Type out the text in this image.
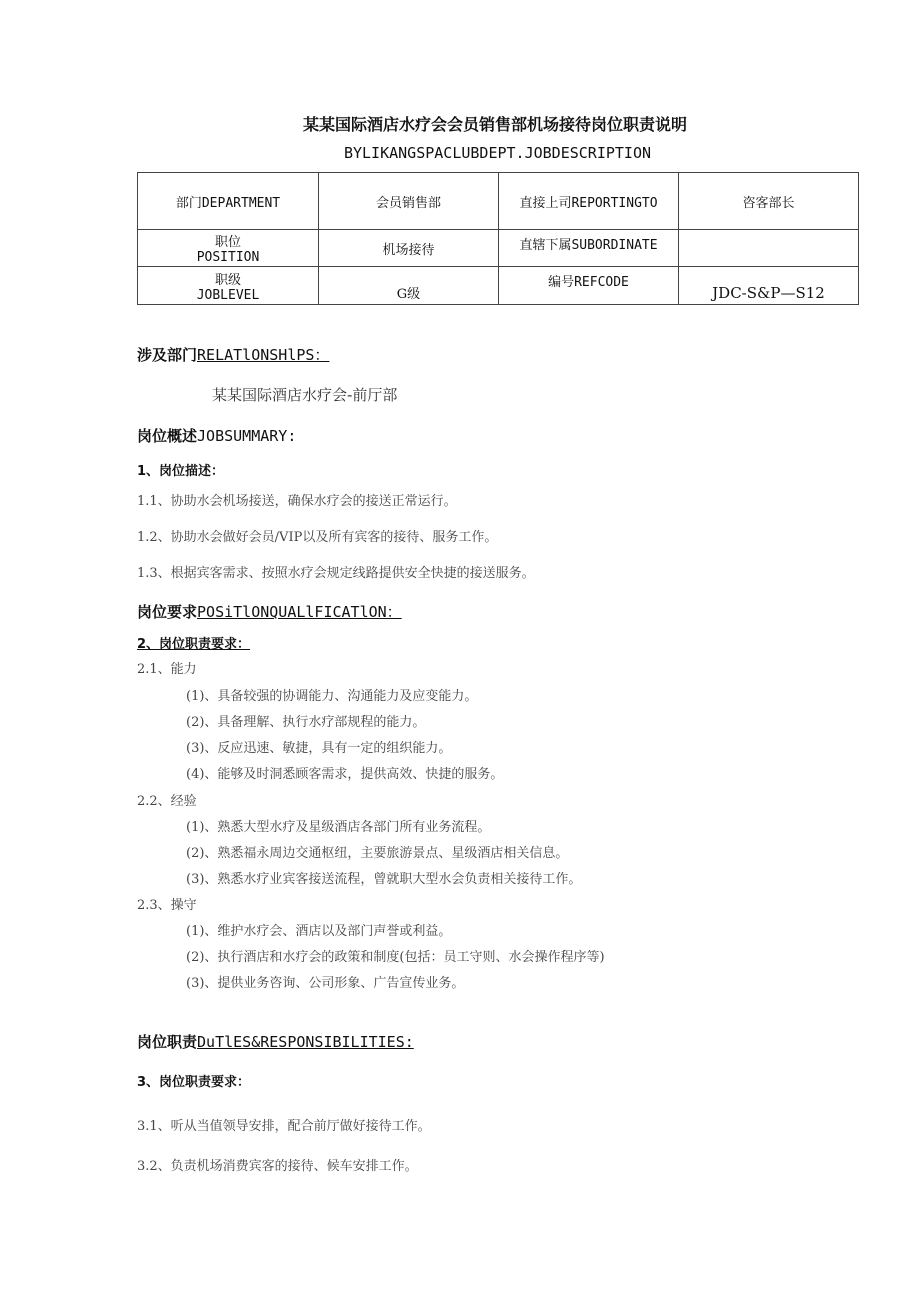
某某国际酒店水疗会会员销售部机场接待岗位职责说明
BYLIKANGSPACLUBDEPT.JOBDESCRIPTION
部门DEPARTMENT	会员销售部	直接上司REPORTINGTO	咨客部长

职位
POSITION	机场接待	直辖下属SUBORDINATE	

职级
JOBLEVEL	G级	编号REFCODE	JDC-S&P—S12
涉及部门RELATlONSHlPS：
某某国际酒店水疗会-前厅部
岗位概述JOBSUMMARY:
1、岗位描述：
1.1、协助水会机场接送，确保水疗会的接送正常运行。
1.2、协助水会做好会员/VIP以及所有宾客的接待、服务工作。
1.3、根据宾客需求、按照水疗会规定线路提供安全快捷的接送服务。
岗位要求POSiTlONQUALlFICATlON：
2、岗位职责要求：
2.1、能力
(1)、具备较强的协调能力、沟通能力及应变能力。
(2)、具备理解、执行水疗部规程的能力。
(3)、反应迅速、敏捷，具有一定的组织能力。
(4)、能够及时洞悉顾客需求，提供高效、快捷的服务。
2.2、经验
(1)、熟悉大型水疗及星级酒店各部门所有业务流程。
(2)、熟悉福永周边交通枢纽，主要旅游景点、星级酒店相关信息。
(3)、熟悉水疗业宾客接送流程，曾就职大型水会负责相关接待工作。
2.3、操守
(1)、维护水疗会、酒店以及部门声誉或利益。
(2)、执行酒店和水疗会的政策和制度(包括：员工守则、水会操作程序等)
(3)、提供业务咨询、公司形象、广告宣传业务。
岗位职责DuTlES&RESPONSIBILITIES:
3、岗位职责要求：
3.1、听从当值领导安排，配合前厅做好接待工作。
3.2、负责机场消费宾客的接待、候车安排工作。
